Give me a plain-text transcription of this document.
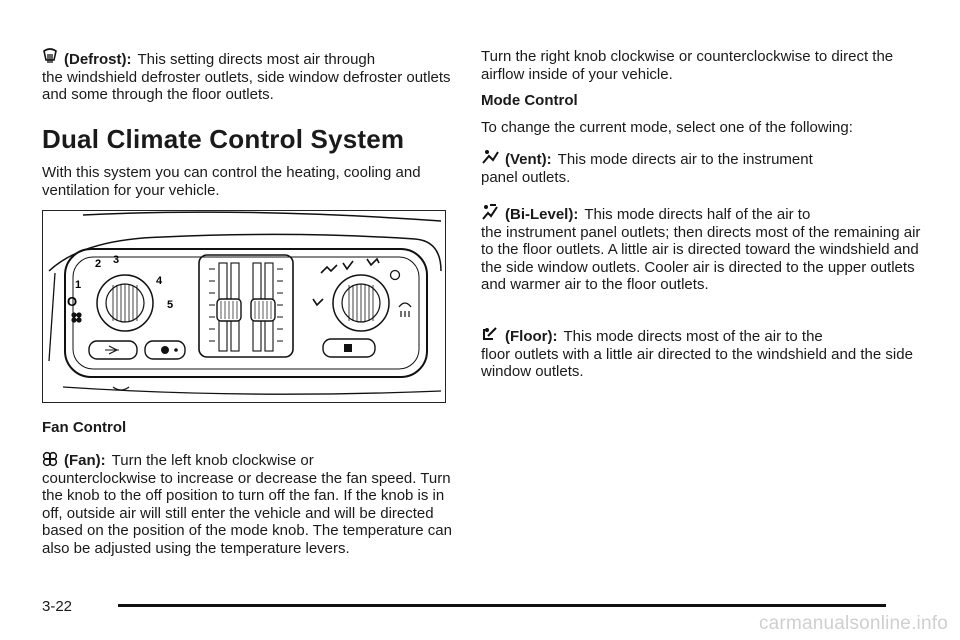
(Defrost): This setting directs most air through
the windshield defroster outlets, side window defroster outlets and some through the floor outlets.

Dual Climate Control System

With this system you can control the heating, cooling and ventilation for your vehicle.

Fan Control

(Fan): Turn the left knob clockwise or
counterclockwise to increase or decrease the fan speed. Turn the knob to the off position to turn off the fan. If the knob is in off, outside air will still enter the vehicle and will be directed based on the position of the mode knob. The temperature can also be adjusted using the temperature levers.

1
2 3
4
5
O

Turn the right knob clockwise or counterclockwise to direct the airflow inside of your vehicle.

Mode Control

To change the current mode, select one of the following:

(Vent): This mode directs air to the instrument
panel outlets.

(Bi-Level): This mode directs half of the air to
the instrument panel outlets; then directs most of the remaining air to the floor outlets. A little air is directed toward the windshield and the side window outlets. Cooler air is directed to the upper outlets and warmer air to the floor outlets.

(Floor): This mode directs most of the air to the
floor outlets with a little air directed to the windshield and the side window outlets.

3-22
carmanualsonline.info
